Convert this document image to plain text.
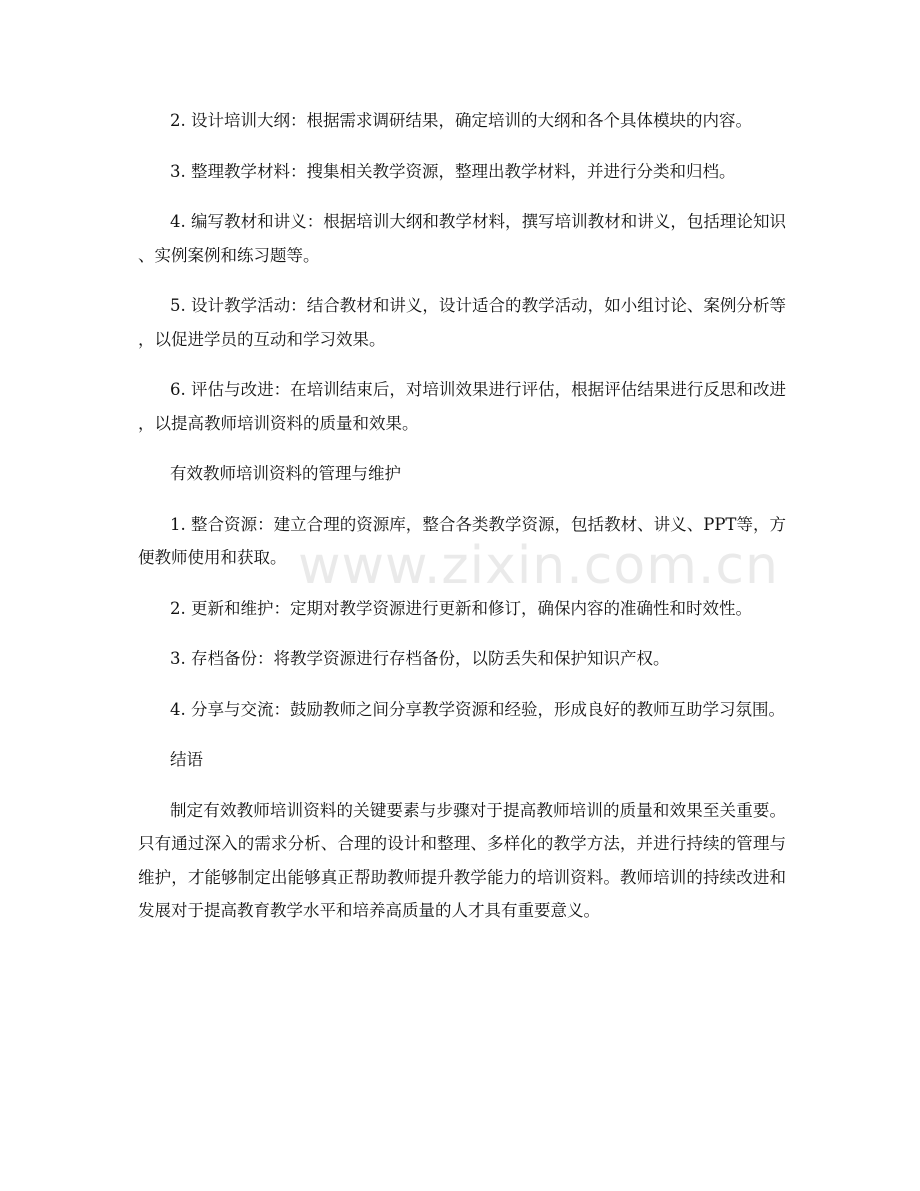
2. 设计培训大纲：根据需求调研结果，确定培训的大纲和各个具体模块的内容。

3. 整理教学材料：搜集相关教学资源，整理出教学材料，并进行分类和归档。

4. 编写教材和讲义：根据培训大纲和教学材料，撰写培训教材和讲义，包括理论知识、实例案例和练习题等。

5. 设计教学活动：结合教材和讲义，设计适合的教学活动，如小组讨论、案例分析等，以促进学员的互动和学习效果。

6. 评估与改进：在培训结束后，对培训效果进行评估，根据评估结果进行反思和改进，以提高教师培训资料的质量和效果。

有效教师培训资料的管理与维护

1. 整合资源：建立合理的资源库，整合各类教学资源，包括教材、讲义、PPT等，方便教师使用和获取。

2. 更新和维护：定期对教学资源进行更新和修订，确保内容的准确性和时效性。

3. 存档备份：将教学资源进行存档备份，以防丢失和保护知识产权。

4. 分享与交流：鼓励教师之间分享教学资源和经验，形成良好的教师互助学习氛围。

结语

制定有效教师培训资料的关键要素与步骤对于提高教师培训的质量和效果至关重要。只有通过深入的需求分析、合理的设计和整理、多样化的教学方法，并进行持续的管理与维护，才能够制定出能够真正帮助教师提升教学能力的培训资料。教师培训的持续改进和发展对于提高教育教学水平和培养高质量的人才具有重要意义。

www.zixin.com.cn
